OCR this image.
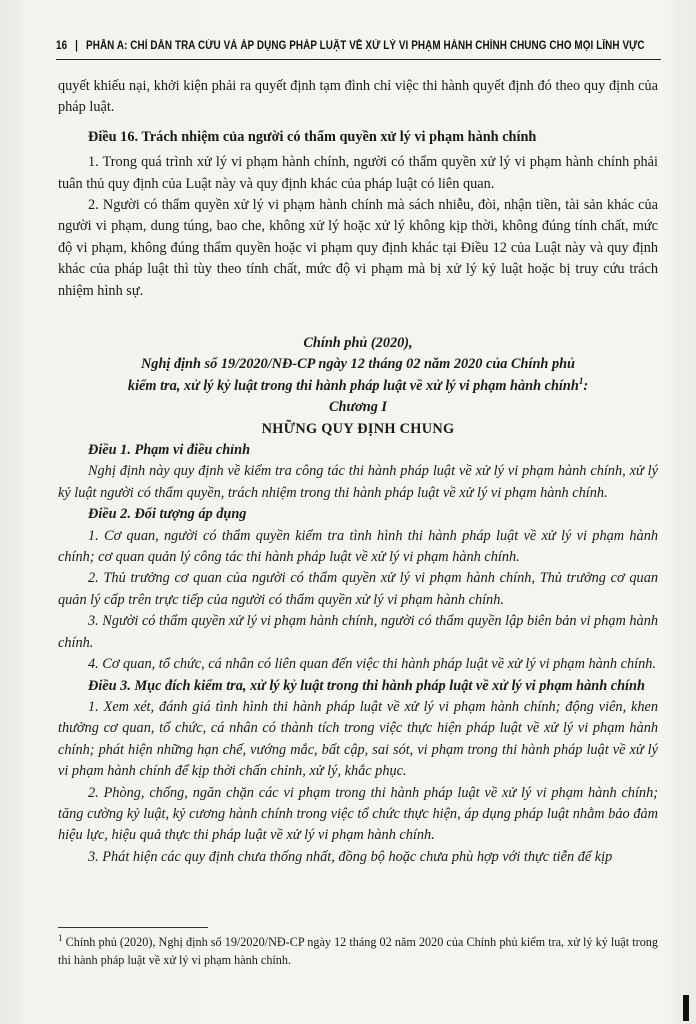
16 | PHẦN A: CHỈ DẪN TRA CỨU VÀ ÁP DỤNG PHÁP LUẬT VỀ XỬ LÝ VI PHẠM HÀNH CHÍNH CHUNG CHO MỌI LĨNH VỰC

quyết khiếu nại, khởi kiện phải ra quyết định tạm đình chỉ việc thi hành quyết định đó theo quy định của pháp luật.

Điều 16. Trách nhiệm của người có thẩm quyền xử lý vi phạm hành chính

1. Trong quá trình xử lý vi phạm hành chính, người có thẩm quyền xử lý vi phạm hành chính phải tuân thủ quy định của Luật này và quy định khác của pháp luật có liên quan.

2. Người có thẩm quyền xử lý vi phạm hành chính mà sách nhiễu, đòi, nhận tiền, tài sản khác của người vi phạm, dung túng, bao che, không xử lý hoặc xử lý không kịp thời, không đúng tính chất, mức độ vi phạm, không đúng thẩm quyền hoặc vi phạm quy định khác tại Điều 12 của Luật này và quy định khác của pháp luật thì tùy theo tính chất, mức độ vi phạm mà bị xử lý kỷ luật hoặc bị truy cứu trách nhiệm hình sự.

Chính phủ (2020),

Nghị định số 19/2020/NĐ-CP ngày 12 tháng 02 năm 2020 của Chính phủ

kiểm tra, xử lý kỷ luật trong thi hành pháp luật về xử lý vi phạm hành chính$^1$:

Chương I

NHỮNG QUY ĐỊNH CHUNG

Điều 1. Phạm vi điều chỉnh

Nghị định này quy định về kiểm tra công tác thi hành pháp luật về xử lý vi phạm hành chính, xử lý kỷ luật người có thẩm quyền, trách nhiệm trong thi hành pháp luật về xử lý vi phạm hành chính.

Điều 2. Đối tượng áp dụng

1. Cơ quan, người có thẩm quyền kiểm tra tình hình thi hành pháp luật về xử lý vi phạm hành chính; cơ quan quản lý công tác thi hành pháp luật về xử lý vi phạm hành chính.

2. Thủ trưởng cơ quan của người có thẩm quyền xử lý vi phạm hành chính, Thủ trưởng cơ quan quản lý cấp trên trực tiếp của người có thẩm quyền xử lý vi phạm hành chính.

3. Người có thẩm quyền xử lý vi phạm hành chính, người có thẩm quyền lập biên bản vi phạm hành chính.

4. Cơ quan, tổ chức, cá nhân có liên quan đến việc thi hành pháp luật về xử lý vi phạm hành chính.

Điều 3. Mục đích kiểm tra, xử lý kỷ luật trong thi hành pháp luật về xử lý vi phạm hành chính

1. Xem xét, đánh giá tình hình thi hành pháp luật về xử lý vi phạm hành chính; động viên, khen thưởng cơ quan, tổ chức, cá nhân có thành tích trong việc thực hiện pháp luật về xử lý vi phạm hành chính; phát hiện những hạn chế, vướng mắc, bất cập, sai sót, vi phạm trong thi hành pháp luật về xử lý vi phạm hành chính để kịp thời chấn chỉnh, xử lý, khắc phục.

2. Phòng, chống, ngăn chặn các vi phạm trong thi hành pháp luật về xử lý vi phạm hành chính; tăng cường kỷ luật, kỷ cương hành chính trong việc tổ chức thực hiện, áp dụng pháp luật nhằm bảo đảm hiệu lực, hiệu quả thực thi pháp luật về xử lý vi phạm hành chính.

3. Phát hiện các quy định chưa thống nhất, đồng bộ hoặc chưa phù hợp với thực tiễn để kịp

$^1$ Chính phủ (2020), Nghị định số 19/2020/NĐ-CP ngày 12 tháng 02 năm 2020 của Chính phủ kiểm tra, xử lý kỷ luật trong thi hành pháp luật về xử lý vi phạm hành chính.
